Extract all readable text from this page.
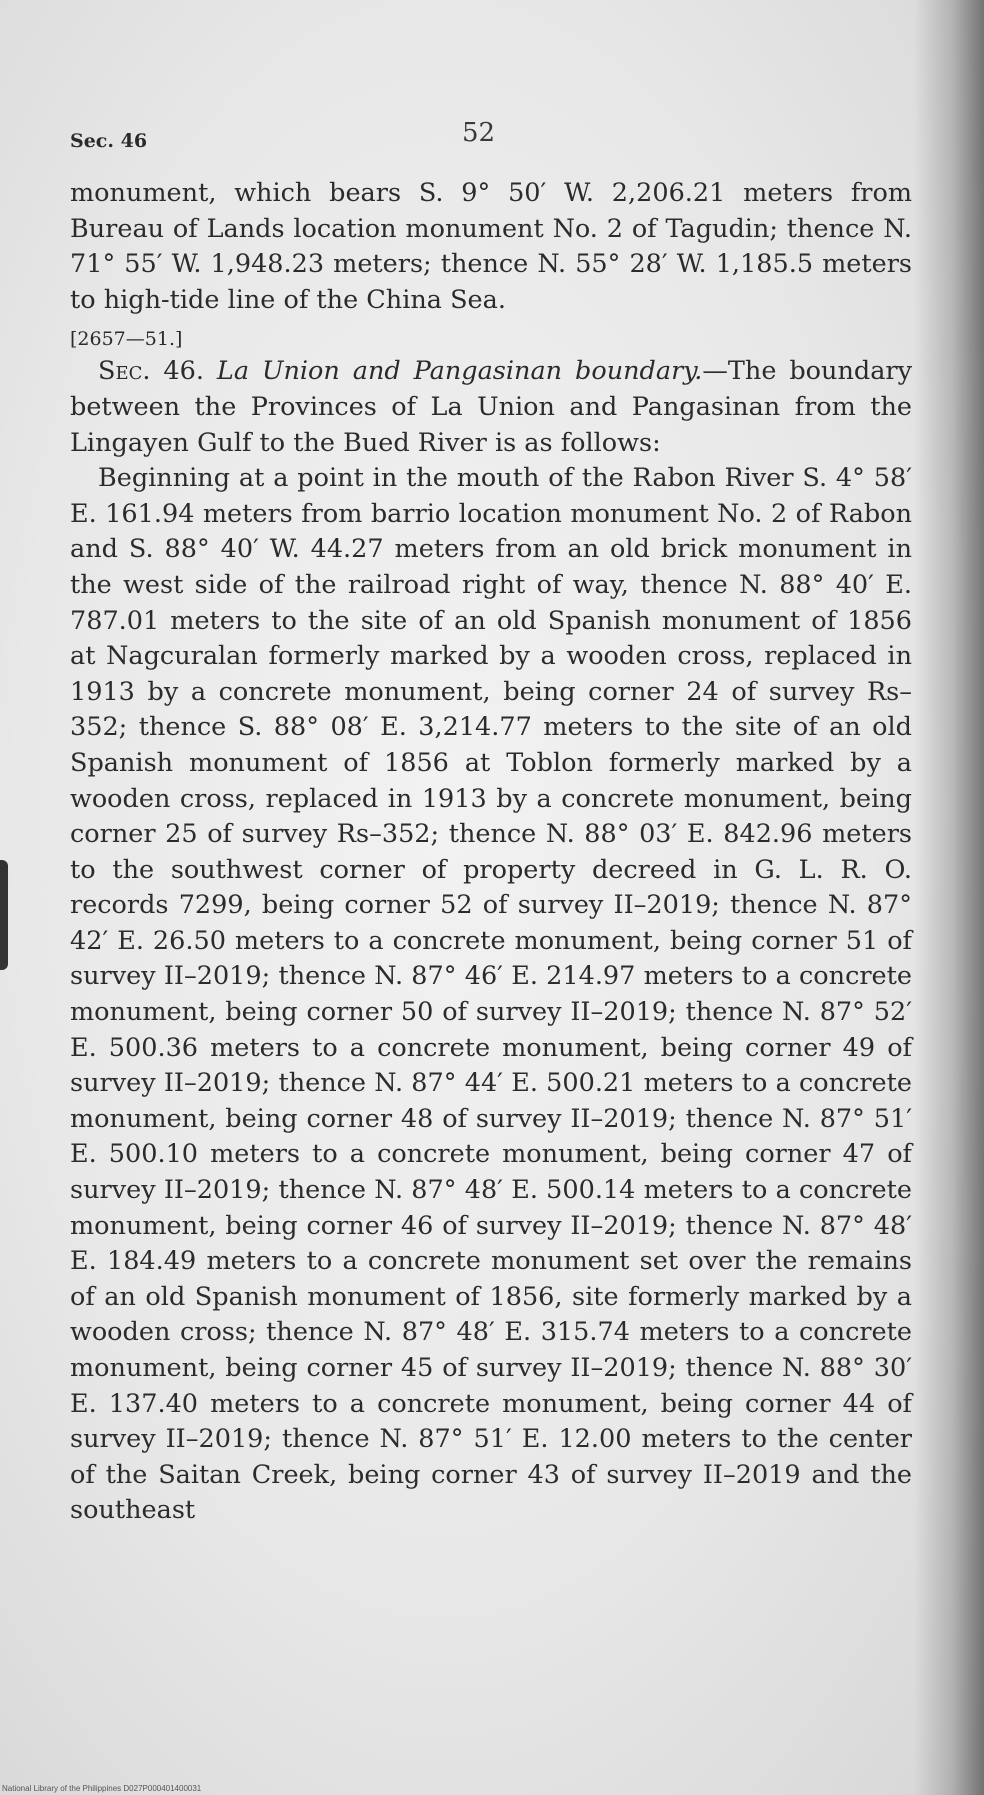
Sec. 46	52

monument, which bears S. 9° 50′ W. 2,206.21 meters from Bureau of Lands location monument No. 2 of Tagudin; thence N. 71° 55′ W. 1,948.23 meters; thence N. 55° 28′ W. 1,185.5 meters to high-tide line of the China Sea.

[2657—51.]

Sec. 46. La Union and Pangasinan boundary.—The boundary between the Provinces of La Union and Pangasinan from the Lingayen Gulf to the Bued River is as follows:

Beginning at a point in the mouth of the Rabon River S. 4° 58′ E. 161.94 meters from barrio location monument No. 2 of Rabon and S. 88° 40′ W. 44.27 meters from an old brick monument in the west side of the railroad right of way, thence N. 88° 40′ E. 787.01 meters to the site of an old Spanish monument of 1856 at Nagcuralan formerly marked by a wooden cross, replaced in 1913 by a concrete monument, being corner 24 of survey Rs–352; thence S. 88° 08′ E. 3,214.77 meters to the site of an old Spanish monument of 1856 at Toblon formerly marked by a wooden cross, replaced in 1913 by a concrete monument, being corner 25 of survey Rs–352; thence N. 88° 03′ E. 842.96 meters to the southwest corner of property decreed in G. L. R. O. records 7299, being corner 52 of survey II–2019; thence N. 87° 42′ E. 26.50 meters to a concrete monument, being corner 51 of survey II–2019; thence N. 87° 46′ E. 214.97 meters to a concrete monument, being corner 50 of survey II–2019; thence N. 87° 52′ E. 500.36 meters to a concrete monument, being corner 49 of survey II–2019; thence N. 87° 44′ E. 500.21 meters to a concrete monument, being corner 48 of survey II–2019; thence N. 87° 51′ E. 500.10 meters to a concrete monument, being corner 47 of survey II–2019; thence N. 87° 48′ E. 500.14 meters to a concrete monument, being corner 46 of survey II–2019; thence N. 87° 48′ E. 184.49 meters to a concrete monument set over the remains of an old Spanish monument of 1856, site formerly marked by a wooden cross; thence N. 87° 48′ E. 315.74 meters to a concrete monument, being corner 45 of survey II–2019; thence N. 88° 30′ E. 137.40 meters to a concrete monument, being corner 44 of survey II–2019; thence N. 87° 51′ E. 12.00 meters to the center of the Saitan Creek, being corner 43 of survey II–2019 and the southeast

National Library of the Philippines D027P000401400031
